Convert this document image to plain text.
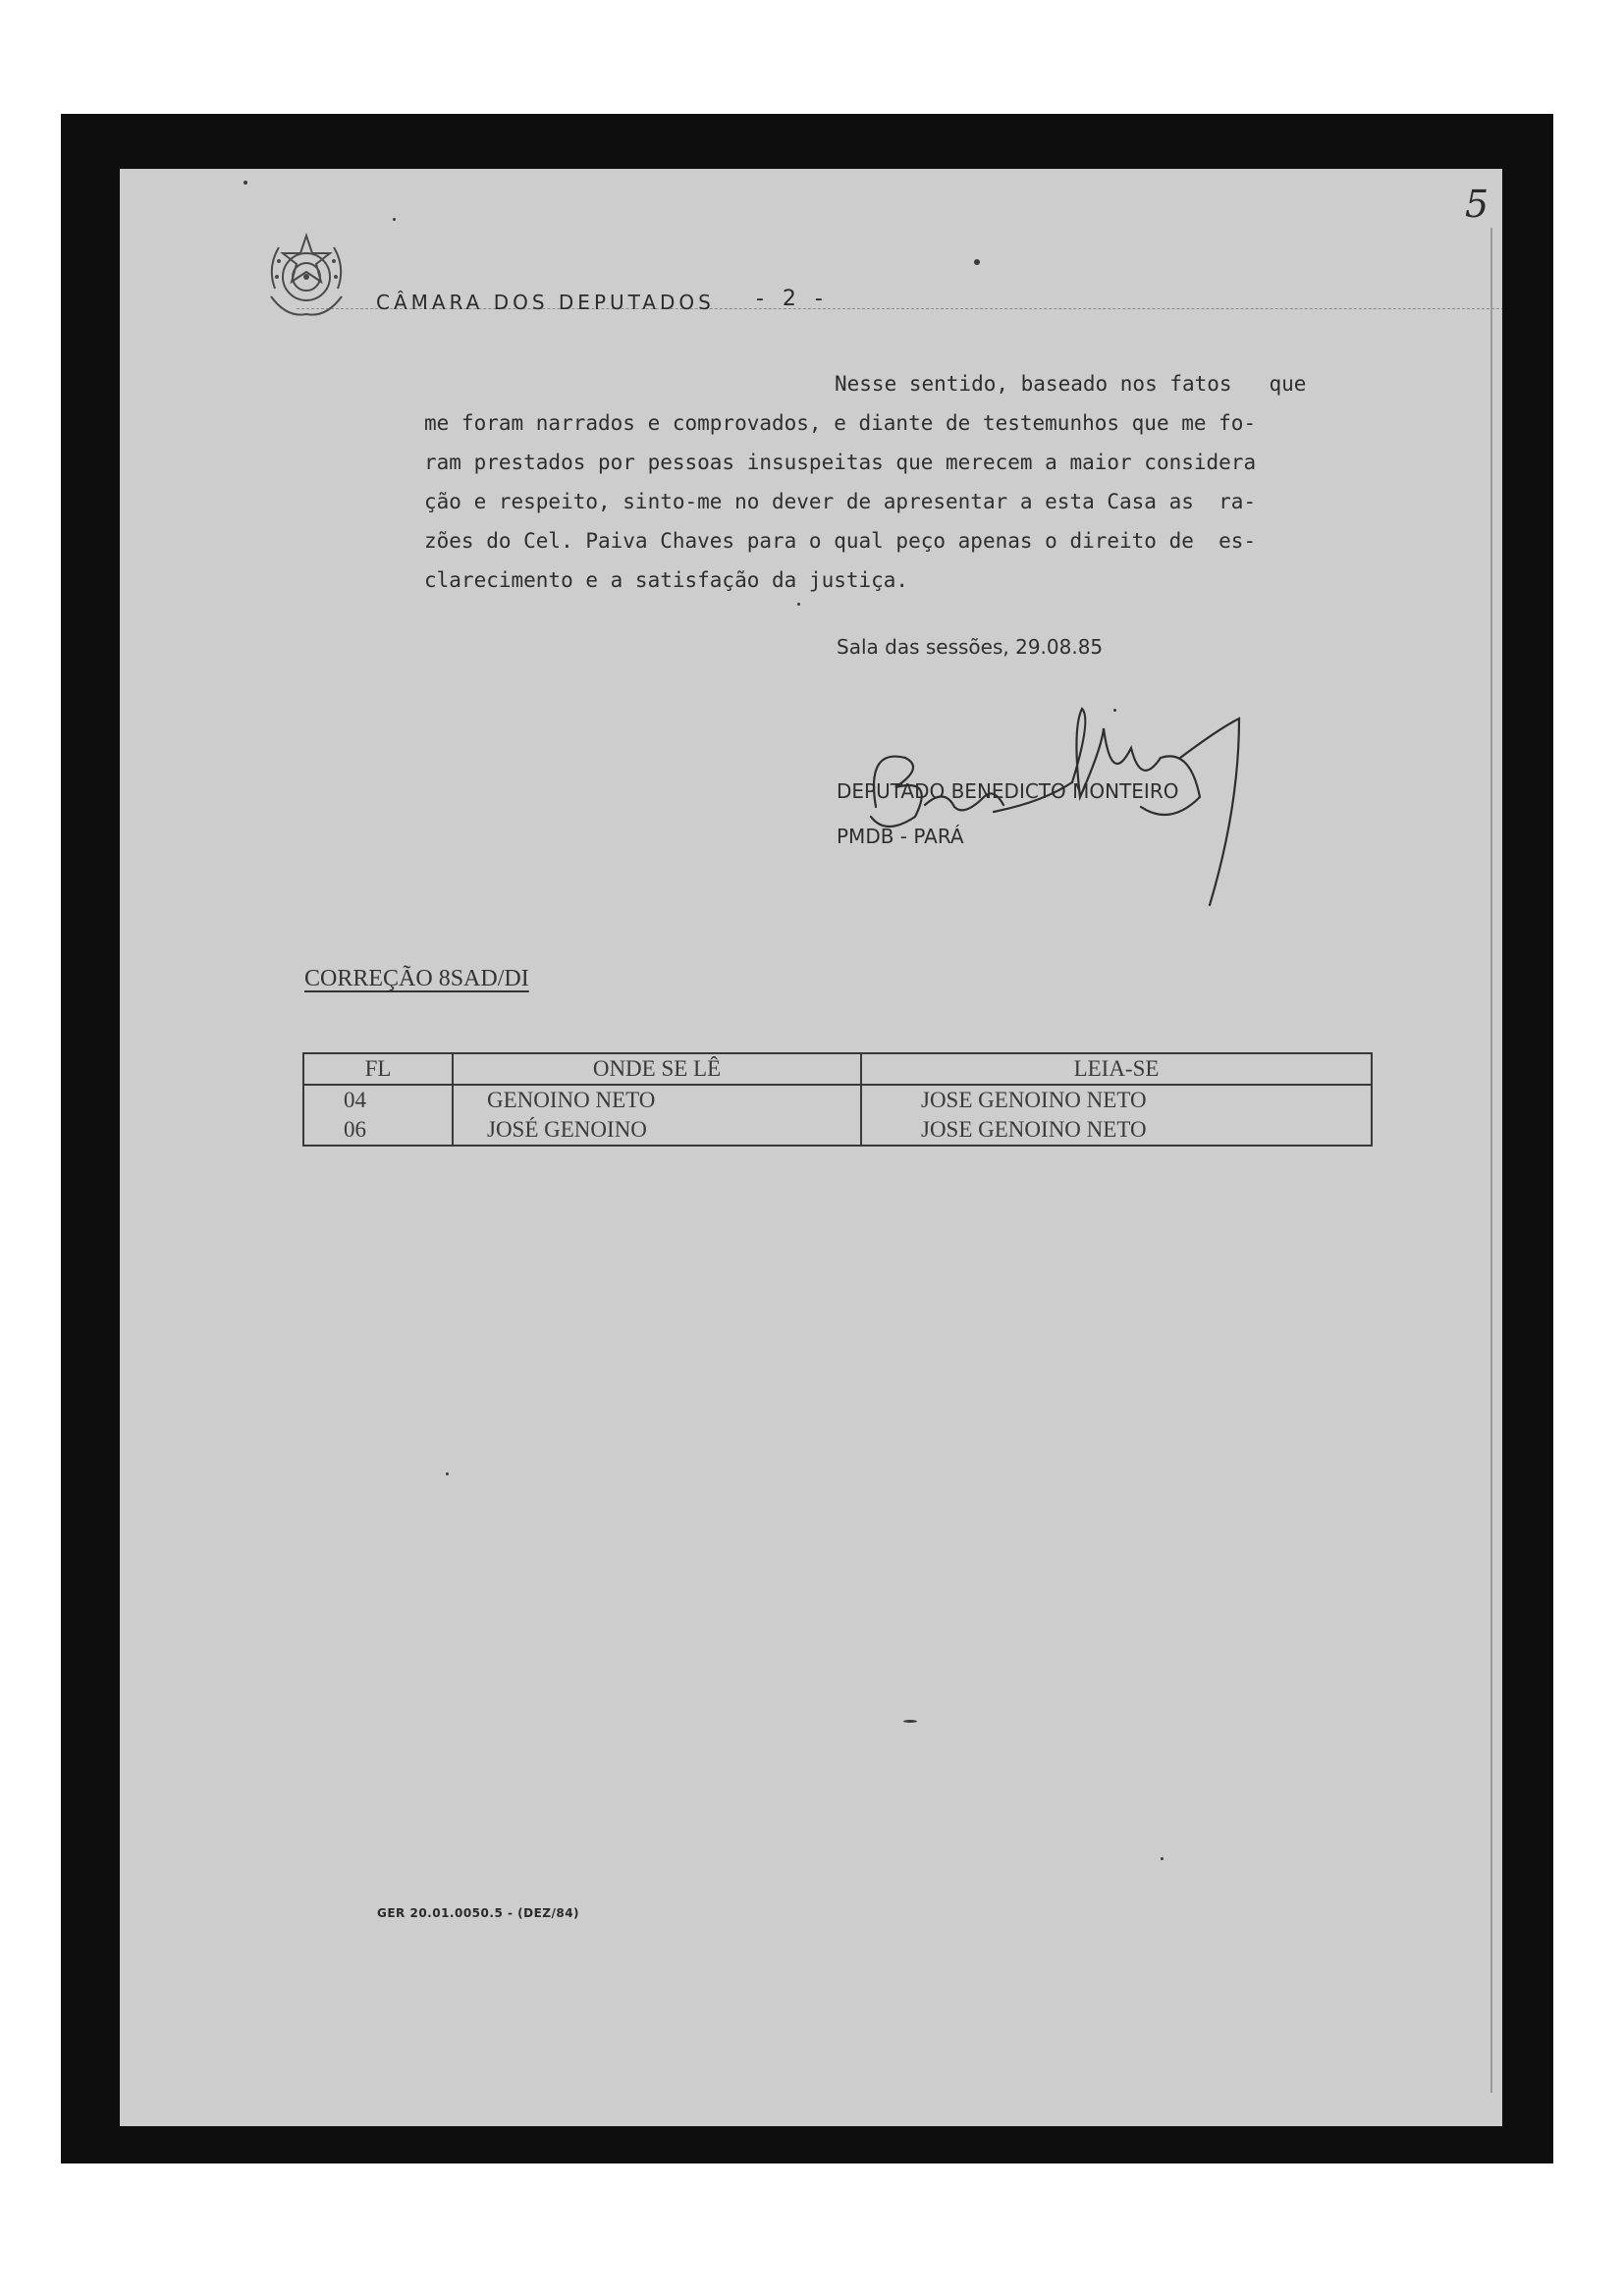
5
CÂMARA DOS DEPUTADOS - 2 -
Nesse sentido, baseado nos fatos   que
me foram narrados e comprovados, e diante de testemunhos que me fo-
ram prestados por pessoas insuspeitas que merecem a maior considera
ção e respeito, sinto-me no dever de apresentar a esta Casa as  ra-
zões do Cel. Paiva Chaves para o qual peço apenas o direito de  es-
clarecimento e a satisfação da justiça.
Sala das sessões, 29.08.85
DEPUTADO BENEDICTO MONTEIRO
PMDB - PARÁ
CORREÇÃO 8SAD/DI
FL	ONDE SE LÊ	LEIA-SE
04	GENOINO NETO	JOSE GENOINO NETO
06	JOSÉ GENOINO	JOSE GENOINO NETO
GER 20.01.0050.5 - (DEZ/84)
